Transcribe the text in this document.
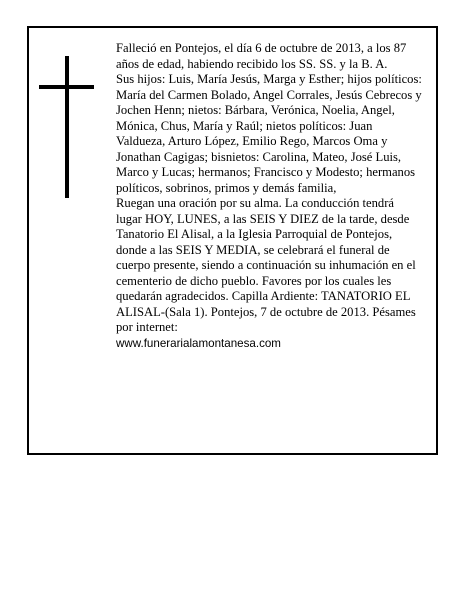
Falleció en Pontejos, el día 6 de octubre de 2013, a los 87 años de edad, habiendo recibido los SS. SS. y la B. A.

Sus hijos: Luis, María Jesús, Marga y Esther; hijos políticos: María del Carmen Bolado, Angel Corrales, Jesús Cebrecos y Jochen Henn; nietos: Bárbara, Verónica, Noelia, Angel, Mónica, Chus, María y Raúl; nietos políticos: Juan Valdueza, Arturo López, Emilio Rego, Marcos Oma y Jonathan Cagigas; bisnietos: Carolina, Mateo, José Luis, Marco y Lucas; hermanos; Francisco y Modesto; hermanos políticos, sobrinos, primos y demás familia,

Ruegan una oración por su alma. La conducción tendrá lugar HOY, LUNES, a las SEIS Y DIEZ de la tarde, desde Tanatorio El Alisal, a la Iglesia Parroquial de Pontejos, donde a las SEIS Y MEDIA, se celebrará el funeral de cuerpo presente, siendo a continuación su inhumación en el cementerio de dicho pueblo. Favores por los cuales les quedarán agradecidos. Capilla Ardiente: TANATORIO EL ALISAL-(Sala 1). Pontejos, 7 de octubre de 2013. Pésames por internet:

www.funerarialamontanesa.com
